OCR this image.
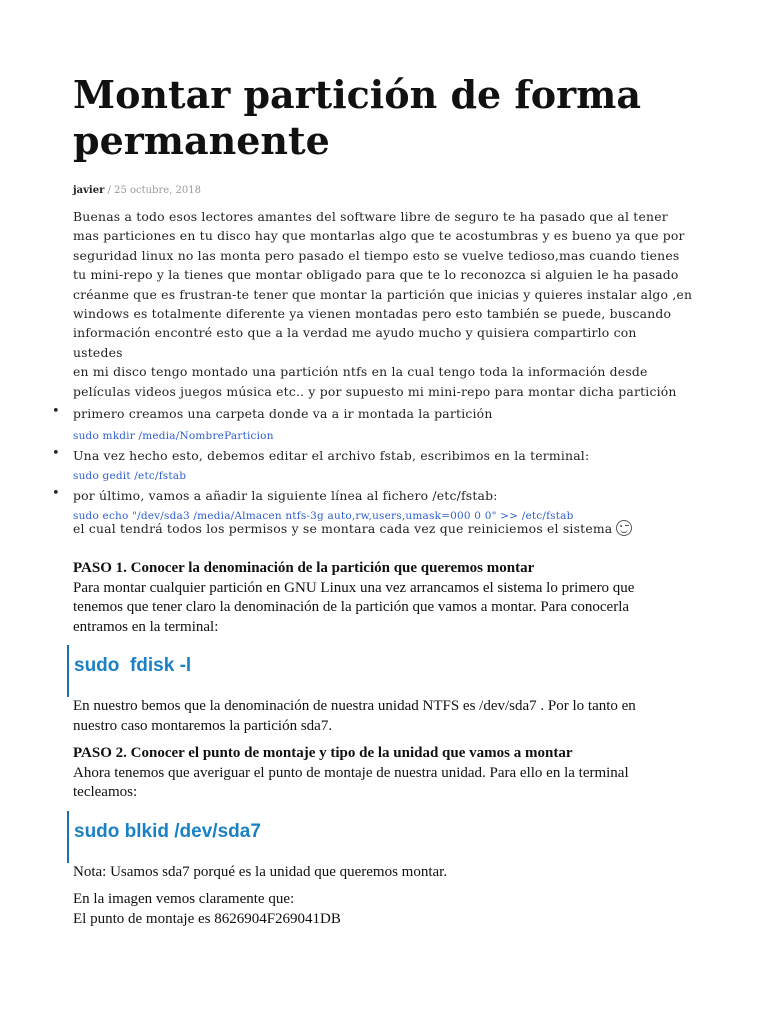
Montar partición de forma permanente
javier / 25 octubre, 2018

Buenas a todo esos lectores amantes del software libre de seguro te ha pasado que al tener

mas particiones en tu disco hay que montarlas algo que te acostumbras y es bueno ya que por

seguridad linux no las monta pero pasado el tiempo esto se vuelve tedioso,mas cuando tienes

tu mini-repo y la tienes que montar obligado para que te lo reconozca si alguien le ha pasado

créanme que es frustran-te tener que montar la partición que inicias y quieres instalar algo ,en

windows es totalmente diferente ya vienen montadas pero esto también se puede, buscando

información encontré esto que a la verdad me ayudo mucho y quisiera compartirlo con

ustedes

en mi disco tengo montado una partición ntfs en la cual tengo toda la información desde

películas videos juegos música etc.. y por supuesto mi mini-repo para montar dicha partición

• primero creamos una carpeta donde va a ir montada la partición
sudo mkdir /media/NombreParticion
• Una vez hecho esto, debemos editar el archivo fstab, escribimos en la terminal:
sudo gedit /etc/fstab
• por último, vamos a añadir la siguiente línea al fichero /etc/fstab:
sudo echo "/dev/sda3 /media/Almacen ntfs-3g auto,rw,users,umask=000 0 0" >> /etc/fstab
el cual tendrá todos los permisos y se montara cada vez que reiniciemos el sistema

PASO 1. Conocer la denominación de la partición que queremos montar

Para montar cualquier partición en GNU Linux una vez arrancamos el sistema lo primero que

tenemos que tener claro la denominación de la partición que vamos a montar. Para conocerla

entramos en la terminal:

sudo  fdisk -l

En nuestro bemos que la denominación de nuestra unidad NTFS es /dev/sda7 . Por lo tanto en

nuestro caso montaremos la partición sda7.

PASO 2. Conocer el punto de montaje y tipo de la unidad que vamos a montar

Ahora tenemos que averiguar el punto de montaje de nuestra unidad. Para ello en la terminal

tecleamos:

sudo blkid /dev/sda7

Nota: Usamos sda7 porqué es la unidad que queremos montar.

En la imagen vemos claramente que:

El punto de montaje es 8626904F269041DB
